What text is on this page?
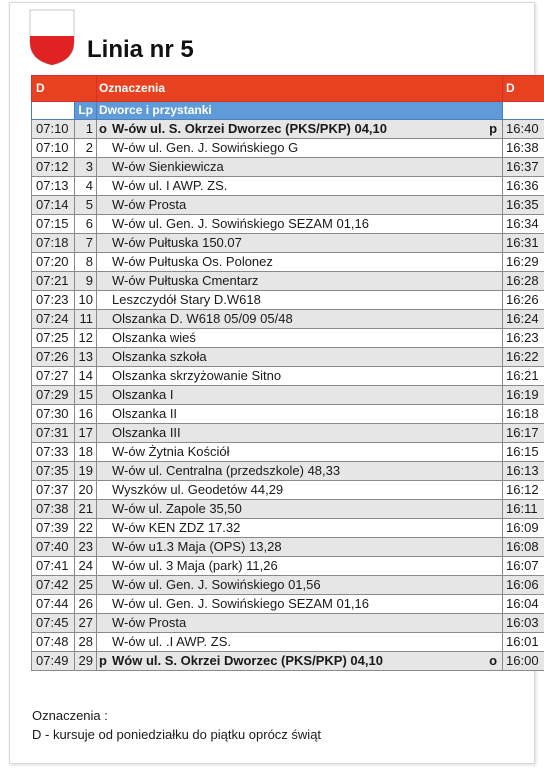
Linia nr 5
D		Oznaczenia	D
	Lp	Dworce i przystanki	
07:10	1	o W-ów ul. S. Okrzei Dworzec (PKS/PKP) 04,10 p	16:40
07:10	2	W-ów ul. Gen. J. Sowińskiego G	16:38
07:12	3	W-ów Sienkiewicza	16:37
07:13	4	W-ów ul. I AWP. ZS.	16:36
07:14	5	W-ów Prosta	16:35
07:15	6	W-ów ul. Gen. J. Sowińskiego SEZAM 01,16	16:34
07:18	7	W-ów Pułtuska 150.07	16:31
07:20	8	W-ów Pułtuska Os. Polonez	16:29
07:21	9	W-ów Pułtuska Cmentarz	16:28
07:23	10	Leszczydół Stary D.W618	16:26
07:24	11	Olszanka D. W618 05/09 05/48	16:24
07:25	12	Olszanka wieś	16:23
07:26	13	Olszanka szkoła	16:22
07:27	14	Olszanka skrzyżowanie Sitno	16:21
07:29	15	Olszanka I	16:19
07:30	16	Olszanka II	16:18
07:31	17	Olszanka III	16:17
07:33	18	W-ów Żytnia Kościół	16:15
07:35	19	W-ów ul. Centralna (przedszkole) 48,33	16:13
07:37	20	Wyszków ul. Geodetów 44,29	16:12
07:38	21	W-ów ul. Zapole 35,50	16:11
07:39	22	W-ów KEN ZDZ 17.32	16:09
07:40	23	W-ów u1.3 Maja (OPS) 13,28	16:08
07:41	24	W-ów ul. 3 Maja (park) 11,26	16:07
07:42	25	W-ów ul. Gen. J. Sowińskiego 01,56	16:06
07:44	26	W-ów ul. Gen. J. Sowińskiego SEZAM 01,16	16:04
07:45	27	W-ów Prosta	16:03
07:48	28	W-ów ul. .I AWP. ZS.	16:01
07:49	29	p Wów ul. S. Okrzei Dworzec (PKS/PKP) 04,10 o	16:00
Oznaczenia :
D - kursuje od poniedziałku do piątku oprócz świąt
